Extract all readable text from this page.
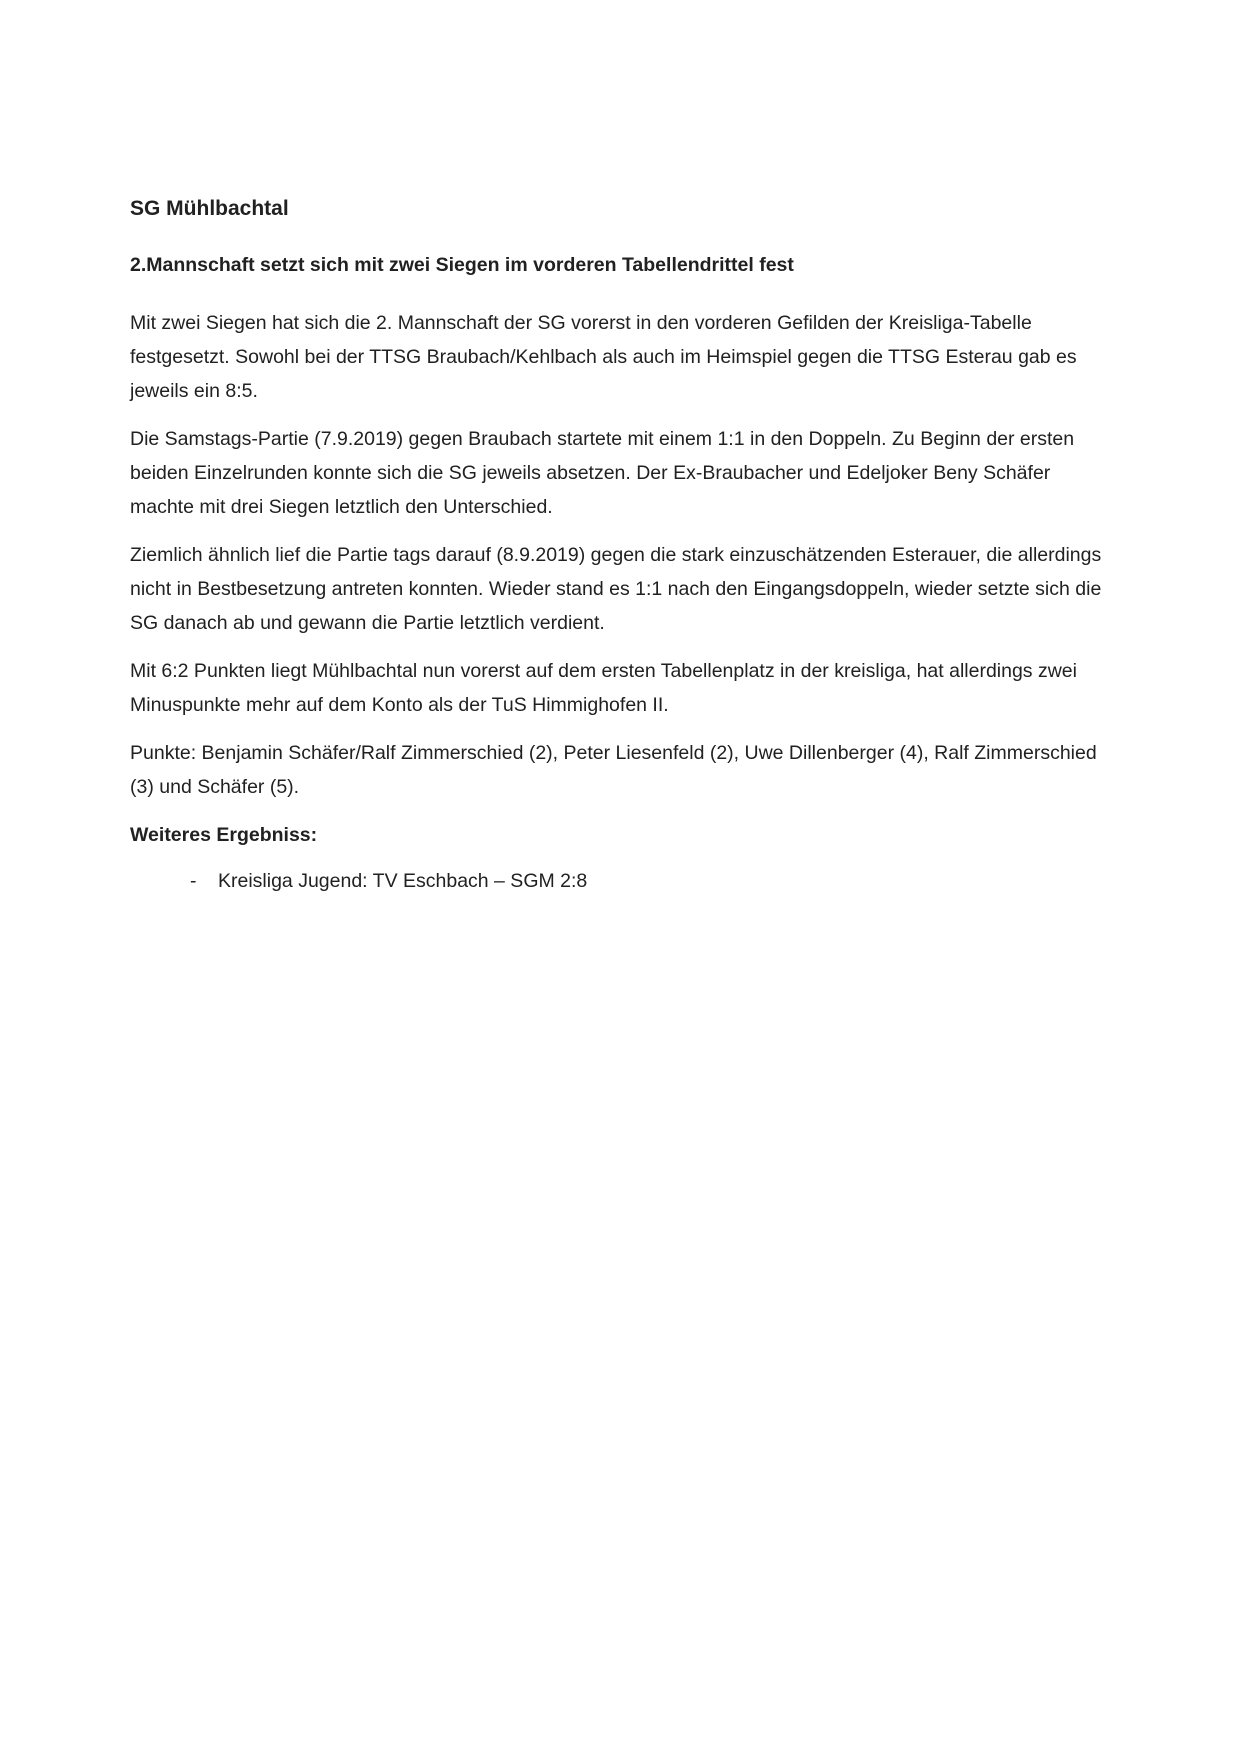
SG Mühlbachtal
2.Mannschaft setzt sich mit zwei Siegen im vorderen Tabellendrittel fest

Mit zwei Siegen hat sich die 2. Mannschaft der SG vorerst in den vorderen Gefilden der Kreisliga-Tabelle festgesetzt. Sowohl bei der TTSG Braubach/Kehlbach als auch im Heimspiel gegen die TTSG Esterau gab es jeweils ein 8:5.

Die Samstags-Partie (7.9.2019) gegen Braubach startete mit einem 1:1 in den Doppeln. Zu Beginn der ersten beiden Einzelrunden konnte sich die SG jeweils absetzen. Der Ex-Braubacher und Edeljoker Beny Schäfer machte mit drei Siegen letztlich den Unterschied.

Ziemlich ähnlich lief die Partie tags darauf (8.9.2019) gegen die stark einzuschätzenden Esterauer, die allerdings nicht in Bestbesetzung antreten konnten. Wieder stand es 1:1 nach den Eingangsdoppeln, wieder setzte sich die SG danach ab und gewann die Partie letztlich verdient.

Mit 6:2 Punkten liegt Mühlbachtal nun vorerst auf dem ersten Tabellenplatz in der kreisliga, hat allerdings zwei Minuspunkte mehr auf dem Konto als der TuS Himmighofen II.

Punkte: Benjamin Schäfer/Ralf Zimmerschied (2), Peter Liesenfeld (2), Uwe Dillenberger (4), Ralf Zimmerschied (3) und Schäfer (5).

Weiteres Ergebniss:

-	Kreisliga Jugend: TV Eschbach – SGM 2:8
